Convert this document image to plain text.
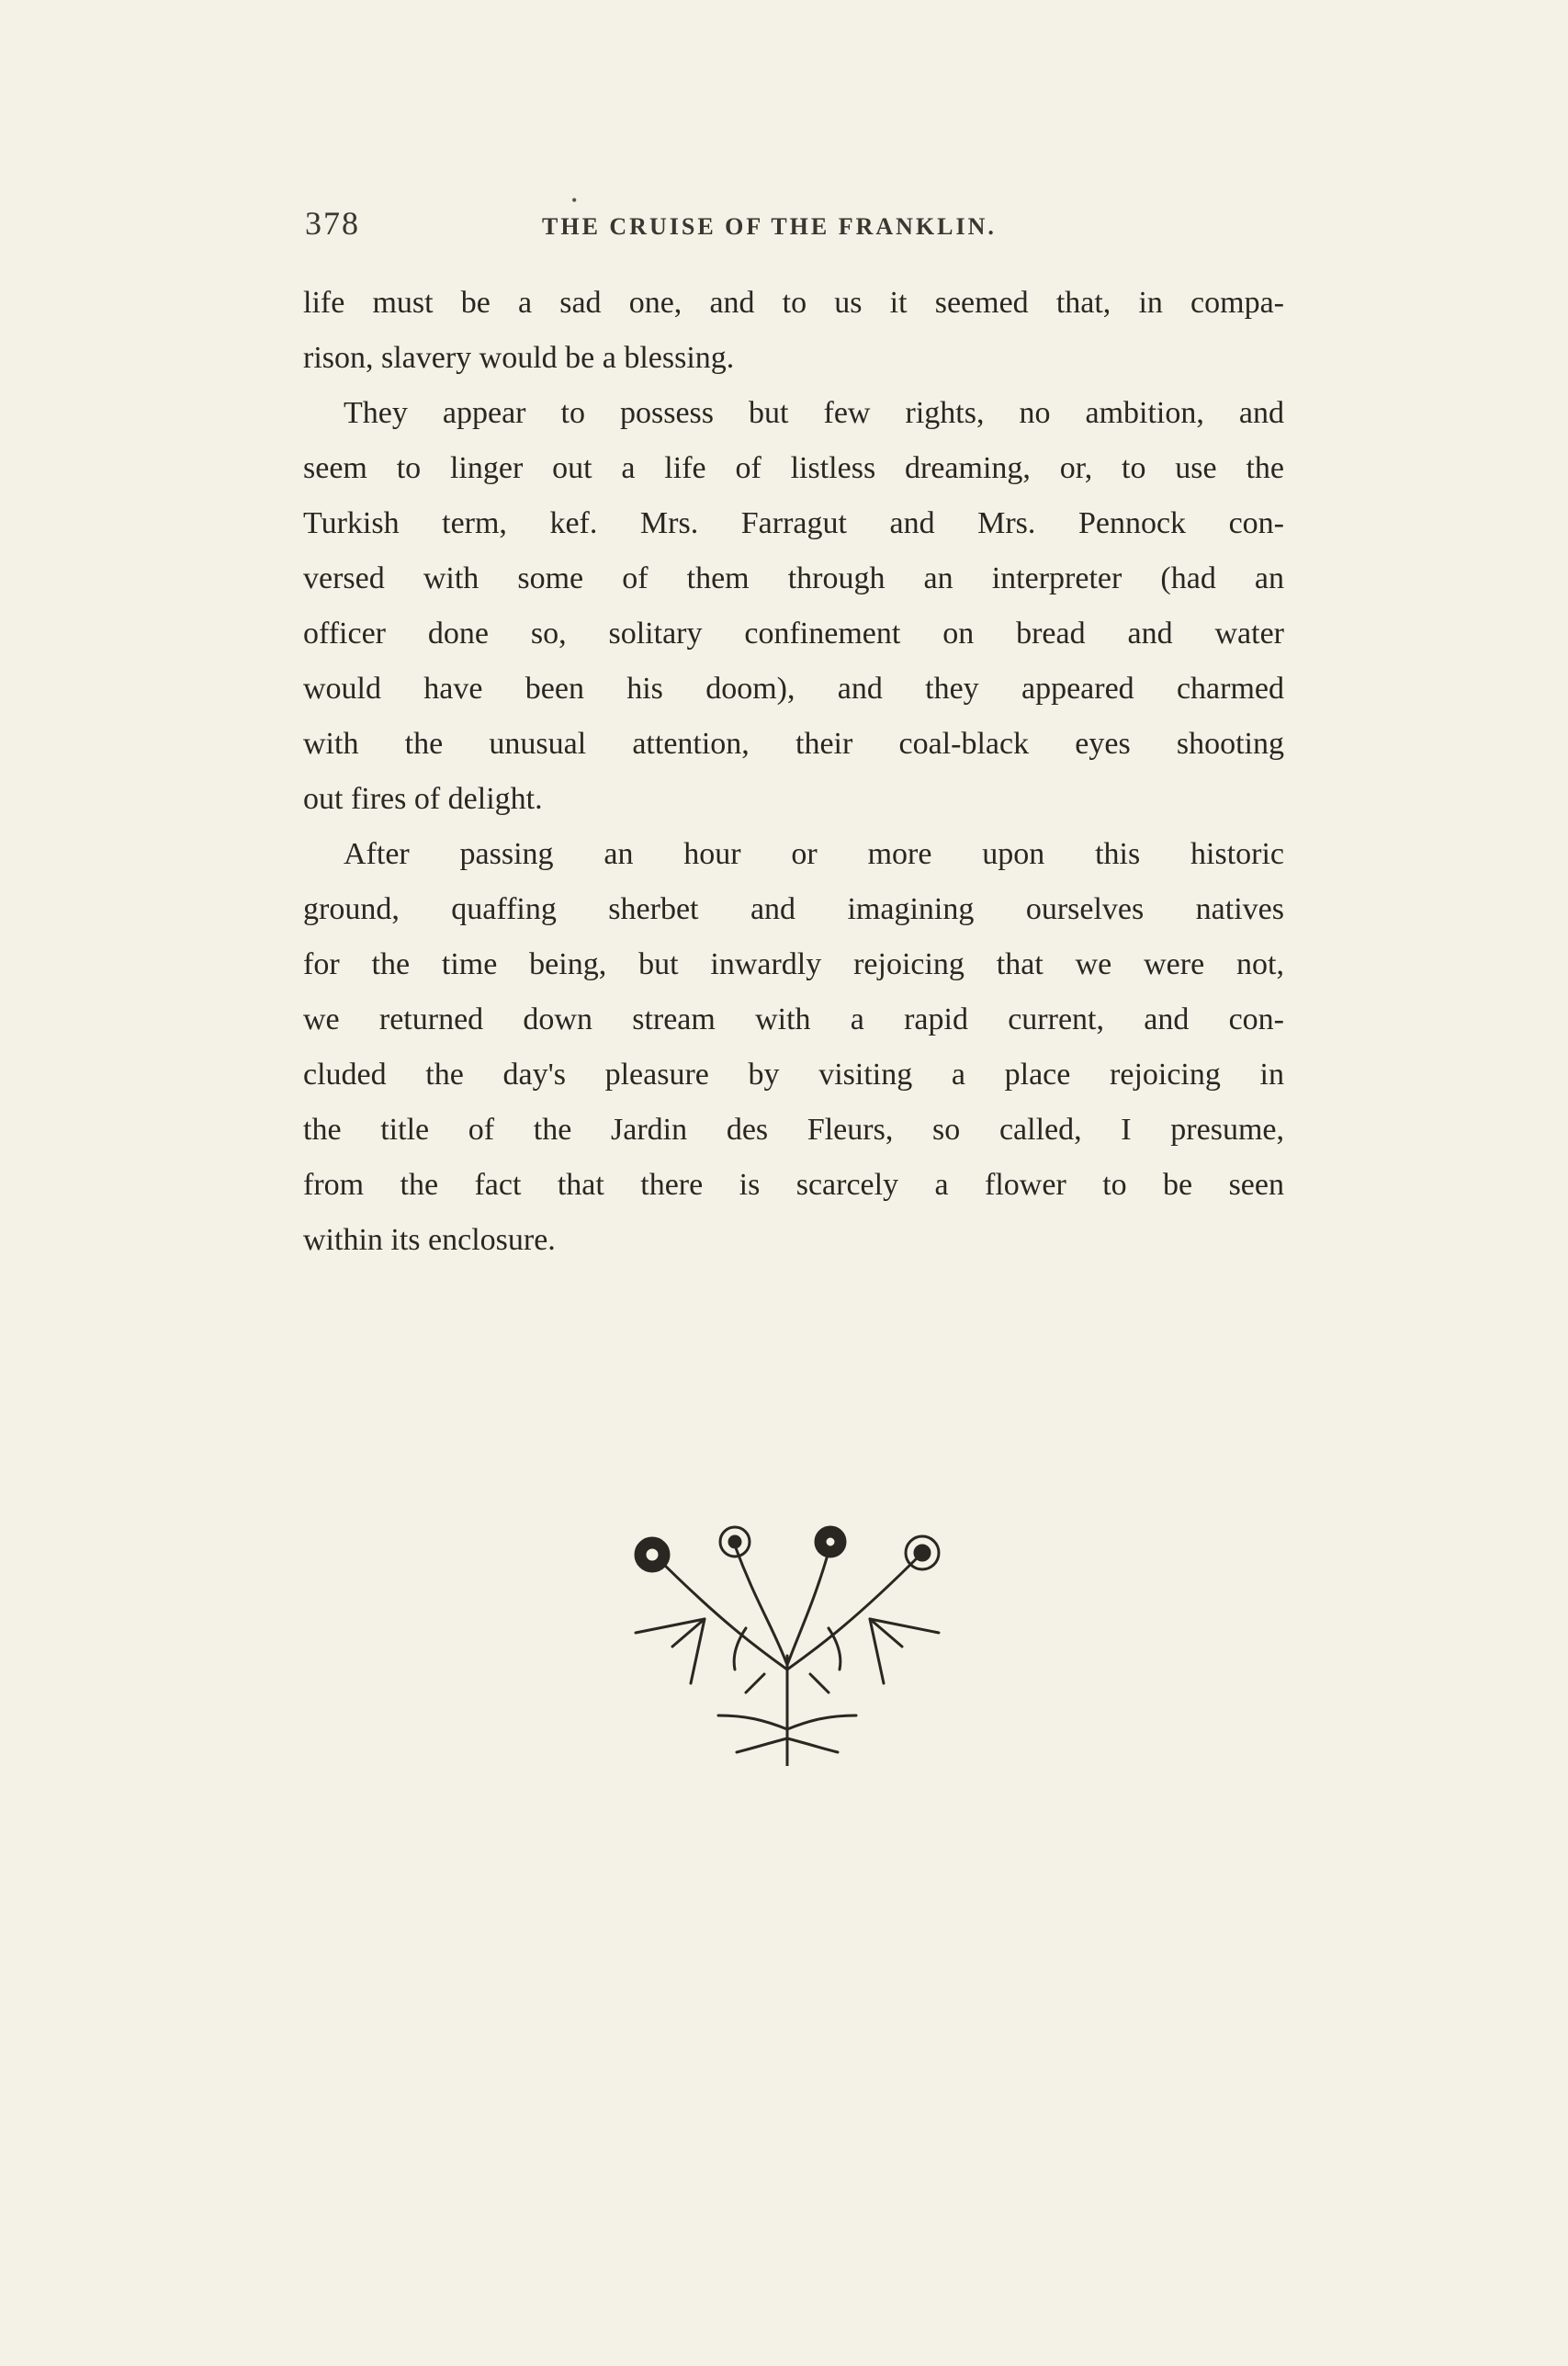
378
•
THE CRUISE OF THE FRANKLIN.
life must be a sad one, and to us it seemed that, in compa-
rison, slavery would be a blessing.
They appear to possess but few rights, no ambition, and
seem to linger out a life of listless dreaming, or, to use the
Turkish term, kef. Mrs. Farragut and Mrs. Pennock con-
versed with some of them through an interpreter (had an
officer done so, solitary confinement on bread and water
would have been his doom), and they appeared charmed
with the unusual attention, their coal-black eyes shooting
out fires of delight.
After passing an hour or more upon this historic
ground, quaffing sherbet and imagining ourselves natives
for the time being, but inwardly rejoicing that we were not,
we returned down stream with a rapid current, and con-
cluded the day's pleasure by visiting a place rejoicing in
the title of the Jardin des Fleurs, so called, I presume,
from the fact that there is scarcely a flower to be seen
within its enclosure.
